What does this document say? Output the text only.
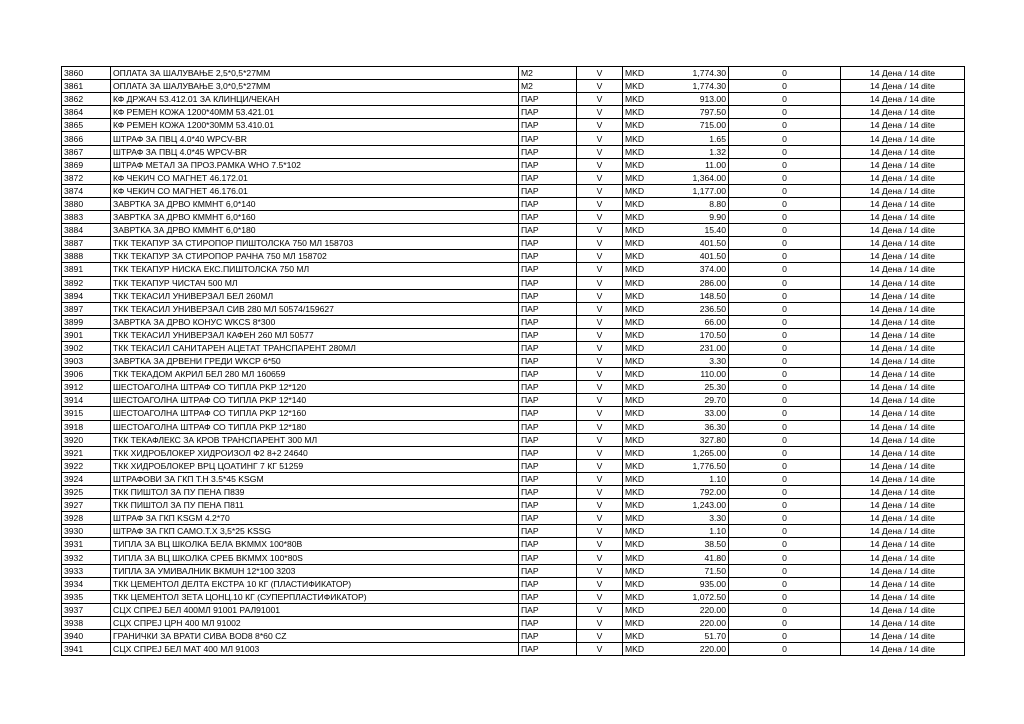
3860	ОПЛАТА ЗА ШАЛУВАЊЕ 2,5*0,5*27ММ	M2	V	MKD	1,774.30	0	14 Дена / 14 dite
3861	ОПЛАТА ЗА ШАЛУВАЊЕ 3,0*0,5*27ММ	M2	V	MKD	1,774.30	0	14 Дена / 14 dite
3862	КФ ДРЖАЧ 53.412.01 ЗА КЛИНЦИ/ЧЕКАН	ПАР	V	MKD	913.00	0	14 Дена / 14 dite
3864	КФ РЕМЕН КОЖА 1200*40ММ 53.421.01	ПАР	V	MKD	797.50	0	14 Дена / 14 dite
3865	КФ РЕМЕН КОЖА 1200*30ММ 53.410.01	ПАР	V	MKD	715.00	0	14 Дена / 14 dite
3866	ШТРАФ ЗА ПВЦ 4.0*40 WPCV-BR	ПАР	V	MKD	1.65	0	14 Дена / 14 dite
3867	ШТРАФ ЗА ПВЦ 4.0*45 WPCV-BR	ПАР	V	MKD	1.32	0	14 Дена / 14 dite
3869	ШТРАФ МЕТАЛ ЗА ПРОЗ.РАМКА WHO 7.5*102	ПАР	V	MKD	11.00	0	14 Дена / 14 dite
3872	КФ ЧЕКИЧ СО МАГНЕТ 46.172.01	ПАР	V	MKD	1,364.00	0	14 Дена / 14 dite
3874	КФ ЧЕКИЧ СО МАГНЕТ 46.176.01	ПАР	V	MKD	1,177.00	0	14 Дена / 14 dite
3880	ЗАВРТКА ЗА ДРВО КММНТ 6,0*140	ПАР	V	MKD	8.80	0	14 Дена / 14 dite
3883	ЗАВРТКА ЗА ДРВО КММНТ 6,0*160	ПАР	V	MKD	9.90	0	14 Дена / 14 dite
3884	ЗАВРТКА ЗА ДРВО КММНТ 6,0*180	ПАР	V	MKD	15.40	0	14 Дена / 14 dite
3887	ТКК ТЕКАПУР ЗА СТИРОПОР ПИШТОЛСКА 750 МЛ 158703	ПАР	V	MKD	401.50	0	14 Дена / 14 dite
3888	ТКК ТЕКАПУР ЗА СТИРОПОР РАЧНА 750 МЛ 158702	ПАР	V	MKD	401.50	0	14 Дена / 14 dite
3891	ТКК ТЕКАПУР НИСКА ЕКС.ПИШТОЛСКА 750 МЛ	ПАР	V	MKD	374.00	0	14 Дена / 14 dite
3892	ТКК ТЕКАПУР ЧИСТАЧ 500 МЛ	ПАР	V	MKD	286.00	0	14 Дена / 14 dite
3894	ТКК ТЕКАСИЛ УНИВЕРЗАЛ БЕЛ 260МЛ	ПАР	V	MKD	148.50	0	14 Дена / 14 dite
3897	ТКК ТЕКАСИЛ УНИВЕРЗАЛ СИВ 280 МЛ 50574/159627	ПАР	V	MKD	236.50	0	14 Дена / 14 dite
3899	ЗАВРТКА ЗА ДРВО КОНУС WKCS 8*300	ПАР	V	MKD	66.00	0	14 Дена / 14 dite
3901	ТКК ТЕКАСИЛ УНИВЕРЗАЛ КАФЕН 260 МЛ 50577	ПАР	V	MKD	170.50	0	14 Дена / 14 dite
3902	ТКК ТЕКАСИЛ САНИТАРЕН АЦЕТАТ ТРАНСПАРЕНТ 280МЛ	ПАР	V	MKD	231.00	0	14 Дена / 14 dite
3903	ЗАВРТКА ЗА ДРВЕНИ ГРЕДИ WKCP 6*50	ПАР	V	MKD	3.30	0	14 Дена / 14 dite
3906	ТКК ТЕКАДОМ АКРИЛ БЕЛ 280 МЛ 160659	ПАР	V	MKD	110.00	0	14 Дена / 14 dite
3912	ШЕСТОАГОЛНА ШТРАФ СО ТИПЛА PKP 12*120	ПАР	V	MKD	25.30	0	14 Дена / 14 dite
3914	ШЕСТОАГОЛНА ШТРАФ СО ТИПЛА PKP 12*140	ПАР	V	MKD	29.70	0	14 Дена / 14 dite
3915	ШЕСТОАГОЛНА ШТРАФ СО ТИПЛА PKP 12*160	ПАР	V	MKD	33.00	0	14 Дена / 14 dite
3918	ШЕСТОАГОЛНА ШТРАФ СО ТИПЛА PKP 12*180	ПАР	V	MKD	36.30	0	14 Дена / 14 dite
3920	ТКК ТЕКАФЛЕКС ЗА КРОВ ТРАНСПАРЕНТ 300 МЛ	ПАР	V	MKD	327.80	0	14 Дена / 14 dite
3921	ТКК ХИДРОБЛОКЕР ХИДРОИЗОЛ Ф2 8+2 24640	ПАР	V	MKD	1,265.00	0	14 Дена / 14 dite
3922	ТКК ХИДРОБЛОКЕР ВРЦ ЦОАТИНГ 7 КГ 51259	ПАР	V	MKD	1,776.50	0	14 Дена / 14 dite
3924	ШТРАФОВИ ЗА ГКП Т.Н 3.5*45 KSGM	ПАР	V	MKD	1.10	0	14 Дена / 14 dite
3925	ТКК ПИШТОЛ ЗА ПУ ПЕНА П839	ПАР	V	MKD	792.00	0	14 Дена / 14 dite
3927	ТКК ПИШТОЛ ЗА ПУ ПЕНА П811	ПАР	V	MKD	1,243.00	0	14 Дена / 14 dite
3928	ШТРАФ ЗА ГКП KSGM 4.2*70	ПАР	V	MKD	3.30	0	14 Дена / 14 dite
3930	ШТРАФ ЗА ГКП САМО.Т.Х 3,5*25 KSSG	ПАР	V	MKD	1.10	0	14 Дена / 14 dite
3931	ТИПЛА ЗА ВЦ ШКОЛКА БЕЛА BKMMX 100*80B	ПАР	V	MKD	38.50	0	14 Дена / 14 dite
3932	ТИПЛА ЗА ВЦ ШКОЛКА СРЕБ BKMMX 100*80S	ПАР	V	MKD	41.80	0	14 Дена / 14 dite
3933	ТИПЛА ЗА УМИВАЛНИК BKMUH 12*100 3203	ПАР	V	MKD	71.50	0	14 Дена / 14 dite
3934	ТКК ЦЕМЕНТОЛ ДЕЛТА ЕКСТРА 10 КГ (ПЛАСТИФИКАТОР)	ПАР	V	MKD	935.00	0	14 Дена / 14 dite
3935	ТКК ЦЕМЕНТОЛ ЗЕТА ЦОНЦ.10 КГ (СУПЕРПЛАСТИФИКАТОР)	ПАР	V	MKD	1,072.50	0	14 Дена / 14 dite
3937	СЦХ СПРЕЈ БЕЛ 400МЛ 91001 РАЛ91001	ПАР	V	MKD	220.00	0	14 Дена / 14 dite
3938	СЦХ СПРЕЈ ЦРН 400 МЛ 91002	ПАР	V	MKD	220.00	0	14 Дена / 14 dite
3940	ГРАНИЧКИ ЗА ВРАТИ СИВА BOD8 8*60 CZ	ПАР	V	MKD	51.70	0	14 Дена / 14 dite
3941	СЦХ СПРЕЈ БЕЛ МАТ 400 МЛ 91003	ПАР	V	MKD	220.00	0	14 Дена / 14 dite
